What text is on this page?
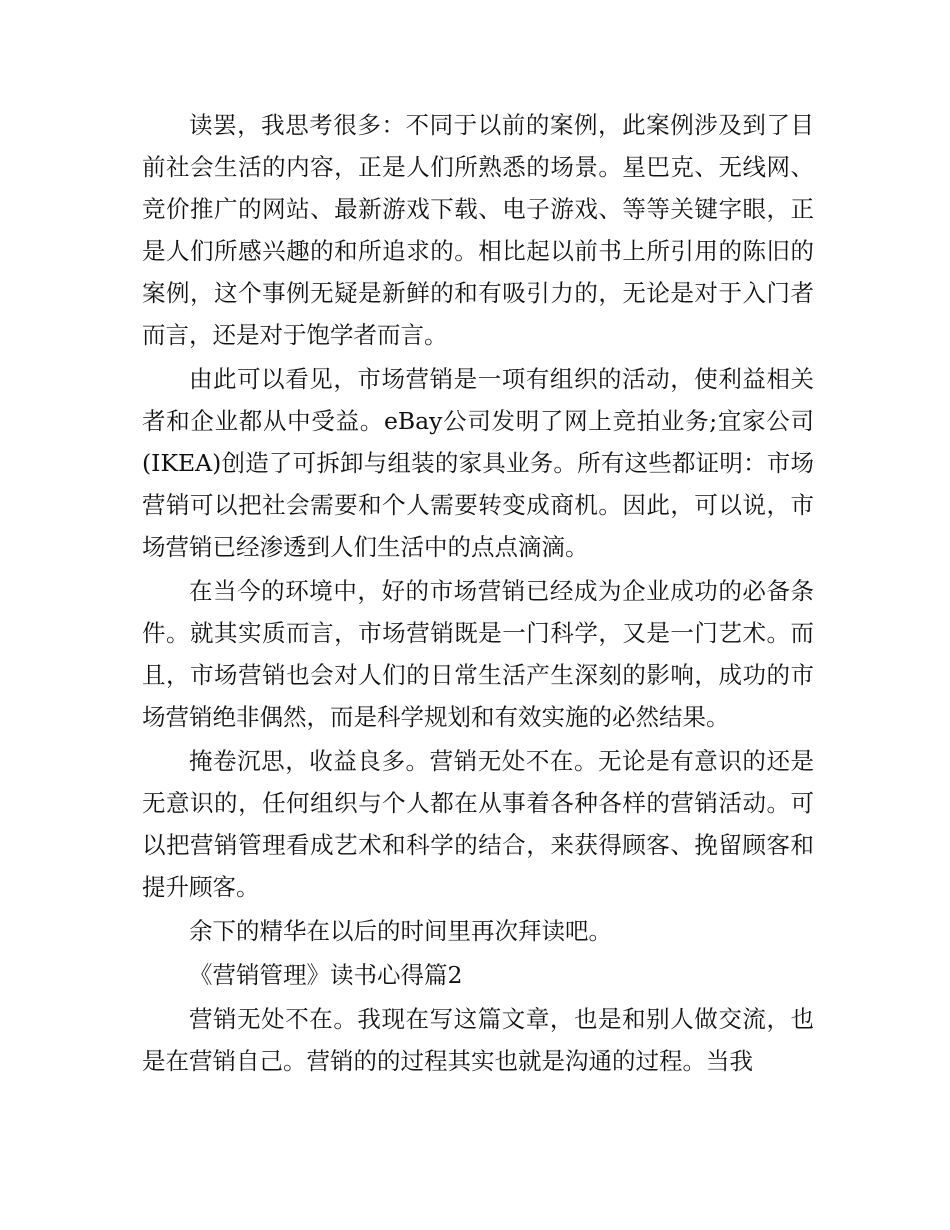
读罢，我思考很多：不同于以前的案例，此案例涉及到了目前社会生活的内容，正是人们所熟悉的场景。星巴克、无线网、竞价推广的网站、最新游戏下载、电子游戏、等等关键字眼，正是人们所感兴趣的和所追求的。相比起以前书上所引用的陈旧的案例，这个事例无疑是新鲜的和有吸引力的，无论是对于入门者而言，还是对于饱学者而言。

由此可以看见，市场营销是一项有组织的活动，使利益相关者和企业都从中受益。eBay公司发明了网上竞拍业务;宜家公司(IKEA)创造了可拆卸与组装的家具业务。所有这些都证明：市场营销可以把社会需要和个人需要转变成商机。因此，可以说，市场营销已经渗透到人们生活中的点点滴滴。

在当今的环境中，好的市场营销已经成为企业成功的必备条件。就其实质而言，市场营销既是一门科学，又是一门艺术。而且，市场营销也会对人们的日常生活产生深刻的影响，成功的市场营销绝非偶然，而是科学规划和有效实施的必然结果。

掩卷沉思，收益良多。营销无处不在。无论是有意识的还是无意识的，任何组织与个人都在从事着各种各样的营销活动。可以把营销管理看成艺术和科学的结合，来获得顾客、挽留顾客和提升顾客。

余下的精华在以后的时间里再次拜读吧。

《营销管理》读书心得篇2

营销无处不在。我现在写这篇文章，也是和别人做交流，也是在营销自己。营销的的过程其实也就是沟通的过程。当我
